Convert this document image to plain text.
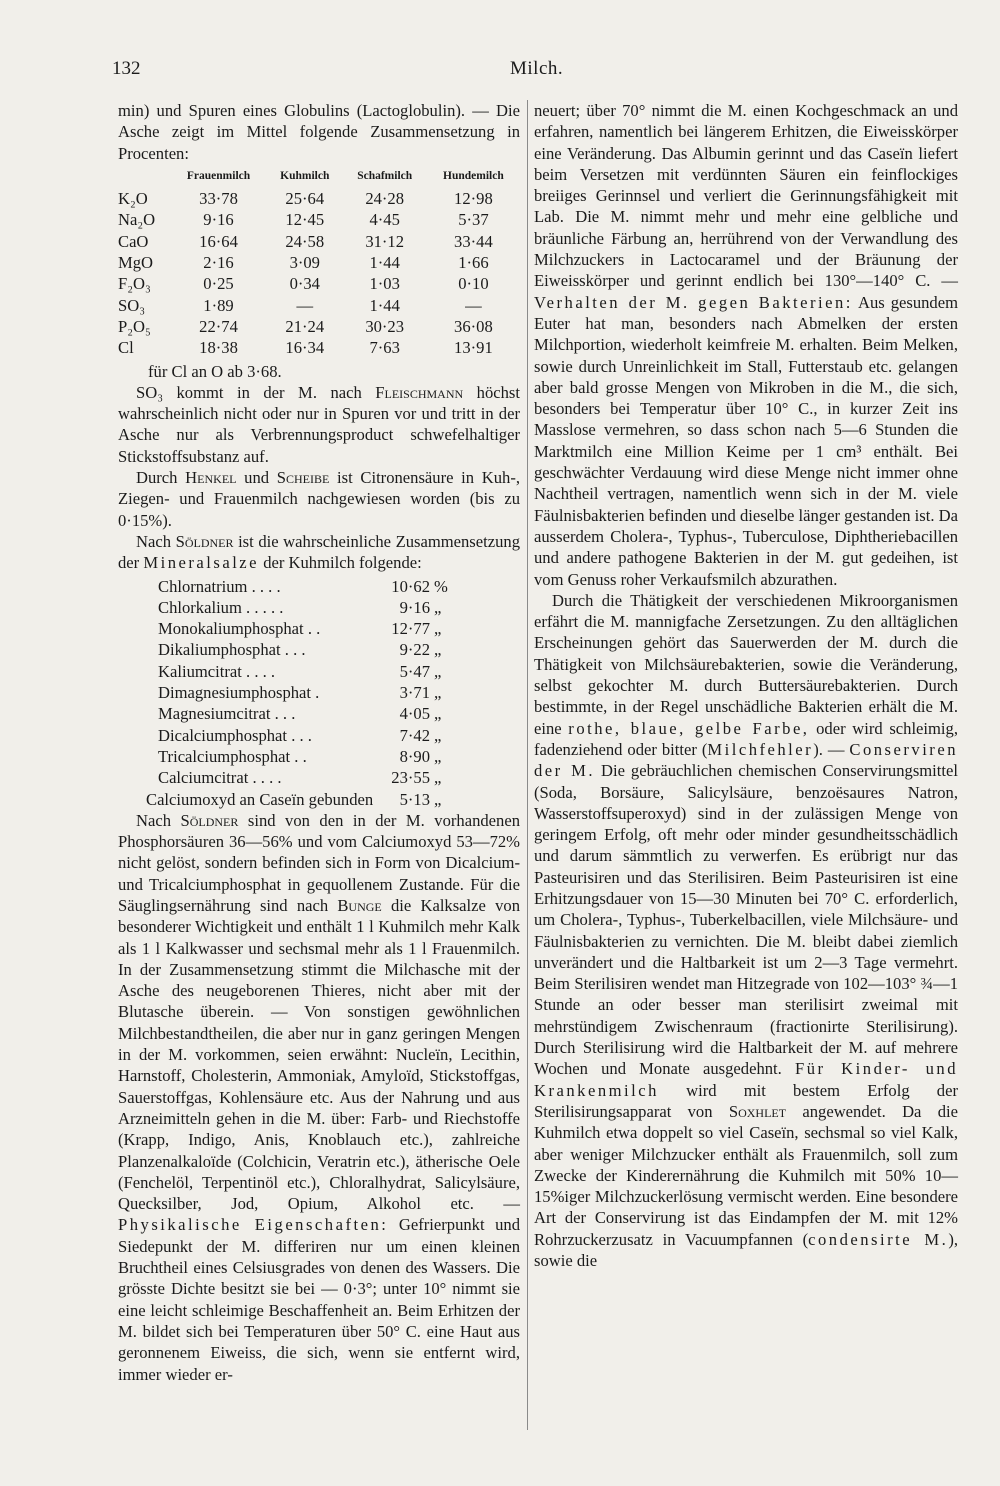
132	Milch.

min) und Spuren eines Globulins (Lactoglobulin). — Die Asche zeigt im Mittel folgende Zusammensetzung in Procenten:

	Frauenmilch	Kuhmilch	Schafmilch	Hundemilch
K₂O	33·78	25·64	24·28	12·98
Na₂O	9·16	12·45	4·45	5·37
CaO	16·64	24·58	31·12	33·44
MgO	2·16	3·09	1·44	1·66
F₂O₃	0·25	0·34	1·03	0·10
SO₃	1·89	—	1·44	—
P₂O₅	22·74	21·24	30·23	36·08
Cl	18·38	16·34	7·63	13·91

für Cl an O ab 3·68.

SO₃ kommt in der M. nach Fleischmann höchst wahrscheinlich nicht oder nur in Spuren vor und tritt in der Asche nur als Verbrennungsproduct schwefelhaltiger Stickstoffsubstanz auf.

Durch Henkel und Scheibe ist Citronensäure in Kuh-, Ziegen- und Frauenmilch nachgewiesen worden (bis zu 0·15%).

Nach Söldner ist die wahrscheinliche Zusammensetzung der Mineralsalze der Kuhmilch folgende:

Chlornatrium . . . .	10·62	%
Chlorkalium . . . . .	9·16	„
Monokaliumphosphat . .	12·77	„
Dikaliumphosphat . . .	9·22	„
Kaliumcitrat . . . .	5·47	„
Dimagnesiumphosphat .	3·71	„
Magnesiumcitrat . . .	4·05	„
Dicalciumphosphat . . .	7·42	„
Tricalciumphosphat . .	8·90	„
Calciumcitrat . . . .	23·55	„
Calciumoxyd an Caseïn gebunden	5·13	„

Nach Söldner sind von den in der M. vorhandenen Phosphorsäuren 36—56% und vom Calciumoxyd 53—72% nicht gelöst, sondern befinden sich in Form von Dicalcium- und Tricalciumphosphat in gequollenem Zustande. Für die Säuglingsernährung sind nach Bunge die Kalksalze von besonderer Wichtigkeit und enthält 1 l Kuhmilch mehr Kalk als 1 l Kalkwasser und sechsmal mehr als 1 l Frauenmilch. In der Zusammensetzung stimmt die Milchasche mit der Asche des neugeborenen Thieres, nicht aber mit der Blutasche überein. — Von sonstigen gewöhnlichen Milchbestandtheilen, die aber nur in ganz geringen Mengen in der M. vorkommen, seien erwähnt: Nucleïn, Lecithin, Harnstoff, Cholesterin, Ammoniak, Amyloïd, Stickstoffgas, Sauerstoffgas, Kohlensäure etc. Aus der Nahrung und aus Arzneimitteln gehen in die M. über: Farb- und Riechstoffe (Krapp, Indigo, Anis, Knoblauch etc.), zahlreiche Planzenalkaloïde (Colchicin, Veratrin etc.), ätherische Oele (Fenchelöl, Terpentinöl etc.), Chloralhydrat, Salicylsäure, Quecksilber, Jod, Opium, Alkohol etc. — Physikalische Eigenschaften: Gefrierpunkt und Siedepunkt der M. differiren nur um einen kleinen Bruchtheil eines Celsiusgrades von denen des Wassers. Die grösste Dichte besitzt sie bei — 0·3°; unter 10° nimmt sie eine leicht schleimige Beschaffenheit an. Beim Erhitzen der M. bildet sich bei Temperaturen über 50° C. eine Haut aus geronnenem Eiweiss, die sich, wenn sie entfernt wird, immer wieder er-

neuert; über 70° nimmt die M. einen Kochgeschmack an und erfahren, namentlich bei längerem Erhitzen, die Eiweisskörper eine Veränderung. Das Albumin gerinnt und das Caseïn liefert beim Versetzen mit verdünnten Säuren ein feinflockiges breiiges Gerinnsel und verliert die Gerinnungsfähigkeit mit Lab. Die M. nimmt mehr und mehr eine gelbliche und bräunliche Färbung an, herrührend von der Verwandlung des Milchzuckers in Lactocaramel und der Bräunung der Eiweisskörper und gerinnt endlich bei 130°—140° C. — Verhalten der M. gegen Bakterien: Aus gesundem Euter hat man, besonders nach Abmelken der ersten Milchportion, wiederholt keimfreie M. erhalten. Beim Melken, sowie durch Unreinlichkeit im Stall, Futterstaub etc. gelangen aber bald grosse Mengen von Mikroben in die M., die sich, besonders bei Temperatur über 10° C., in kurzer Zeit ins Masslose vermehren, so dass schon nach 5—6 Stunden die Marktmilch eine Million Keime per 1 cm³ enthält. Bei geschwächter Verdauung wird diese Menge nicht immer ohne Nachtheil vertragen, namentlich wenn sich in der M. viele Fäulnisbakterien befinden und dieselbe länger gestanden ist. Da ausserdem Cholera-, Typhus-, Tuberculose, Diphtheriebacillen und andere pathogene Bakterien in der M. gut gedeihen, ist vom Genuss roher Verkaufsmilch abzurathen.

Durch die Thätigkeit der verschiedenen Mikroorganismen erfährt die M. mannigfache Zersetzungen. Zu den alltäglichen Erscheinungen gehört das Sauerwerden der M. durch die Thätigkeit von Milchsäurebakterien, sowie die Veränderung, selbst gekochter M. durch Buttersäurebakterien. Durch bestimmte, in der Regel unschädliche Bakterien erhält die M. eine rothe, blaue, gelbe Farbe, oder wird schleimig, fadenziehend oder bitter (Milchfehler). — Conserviren der M. Die gebräuchlichen chemischen Conservirungsmittel (Soda, Borsäure, Salicylsäure, benzoësaures Natron, Wasserstoffsuperoxyd) sind in der zulässigen Menge von geringem Erfolg, oft mehr oder minder gesundheitsschädlich und darum sämmtlich zu verwerfen. Es erübrigt nur das Pasteurisiren und das Sterilisiren. Beim Pasteurisiren ist eine Erhitzungsdauer von 15—30 Minuten bei 70° C. erforderlich, um Cholera-, Typhus-, Tuberkelbacillen, viele Milchsäure- und Fäulnisbakterien zu vernichten. Die M. bleibt dabei ziemlich unverändert und die Haltbarkeit ist um 2—3 Tage vermehrt. Beim Sterilisiren wendet man Hitzegrade von 102—103° ¾—1 Stunde an oder besser man sterilisirt zweimal mit mehrstündigem Zwischenraum (fractionirte Sterilisirung). Durch Sterilisirung wird die Haltbarkeit der M. auf mehrere Wochen und Monate ausgedehnt. Für Kinder- und Krankenmilch wird mit bestem Erfolg der Sterilisirungsapparat von Soxhlet angewendet. Da die Kuhmilch etwa doppelt so viel Caseïn, sechsmal so viel Kalk, aber weniger Milchzucker enthält als Frauenmilch, soll zum Zwecke der Kinderernährung die Kuhmilch mit 50% 10—15%iger Milchzuckerlösung vermischt werden. Eine besondere Art der Conservirung ist das Eindampfen der M. mit 12% Rohrzuckerzusatz in Vacuumpfannen (condensirte M.), sowie die
